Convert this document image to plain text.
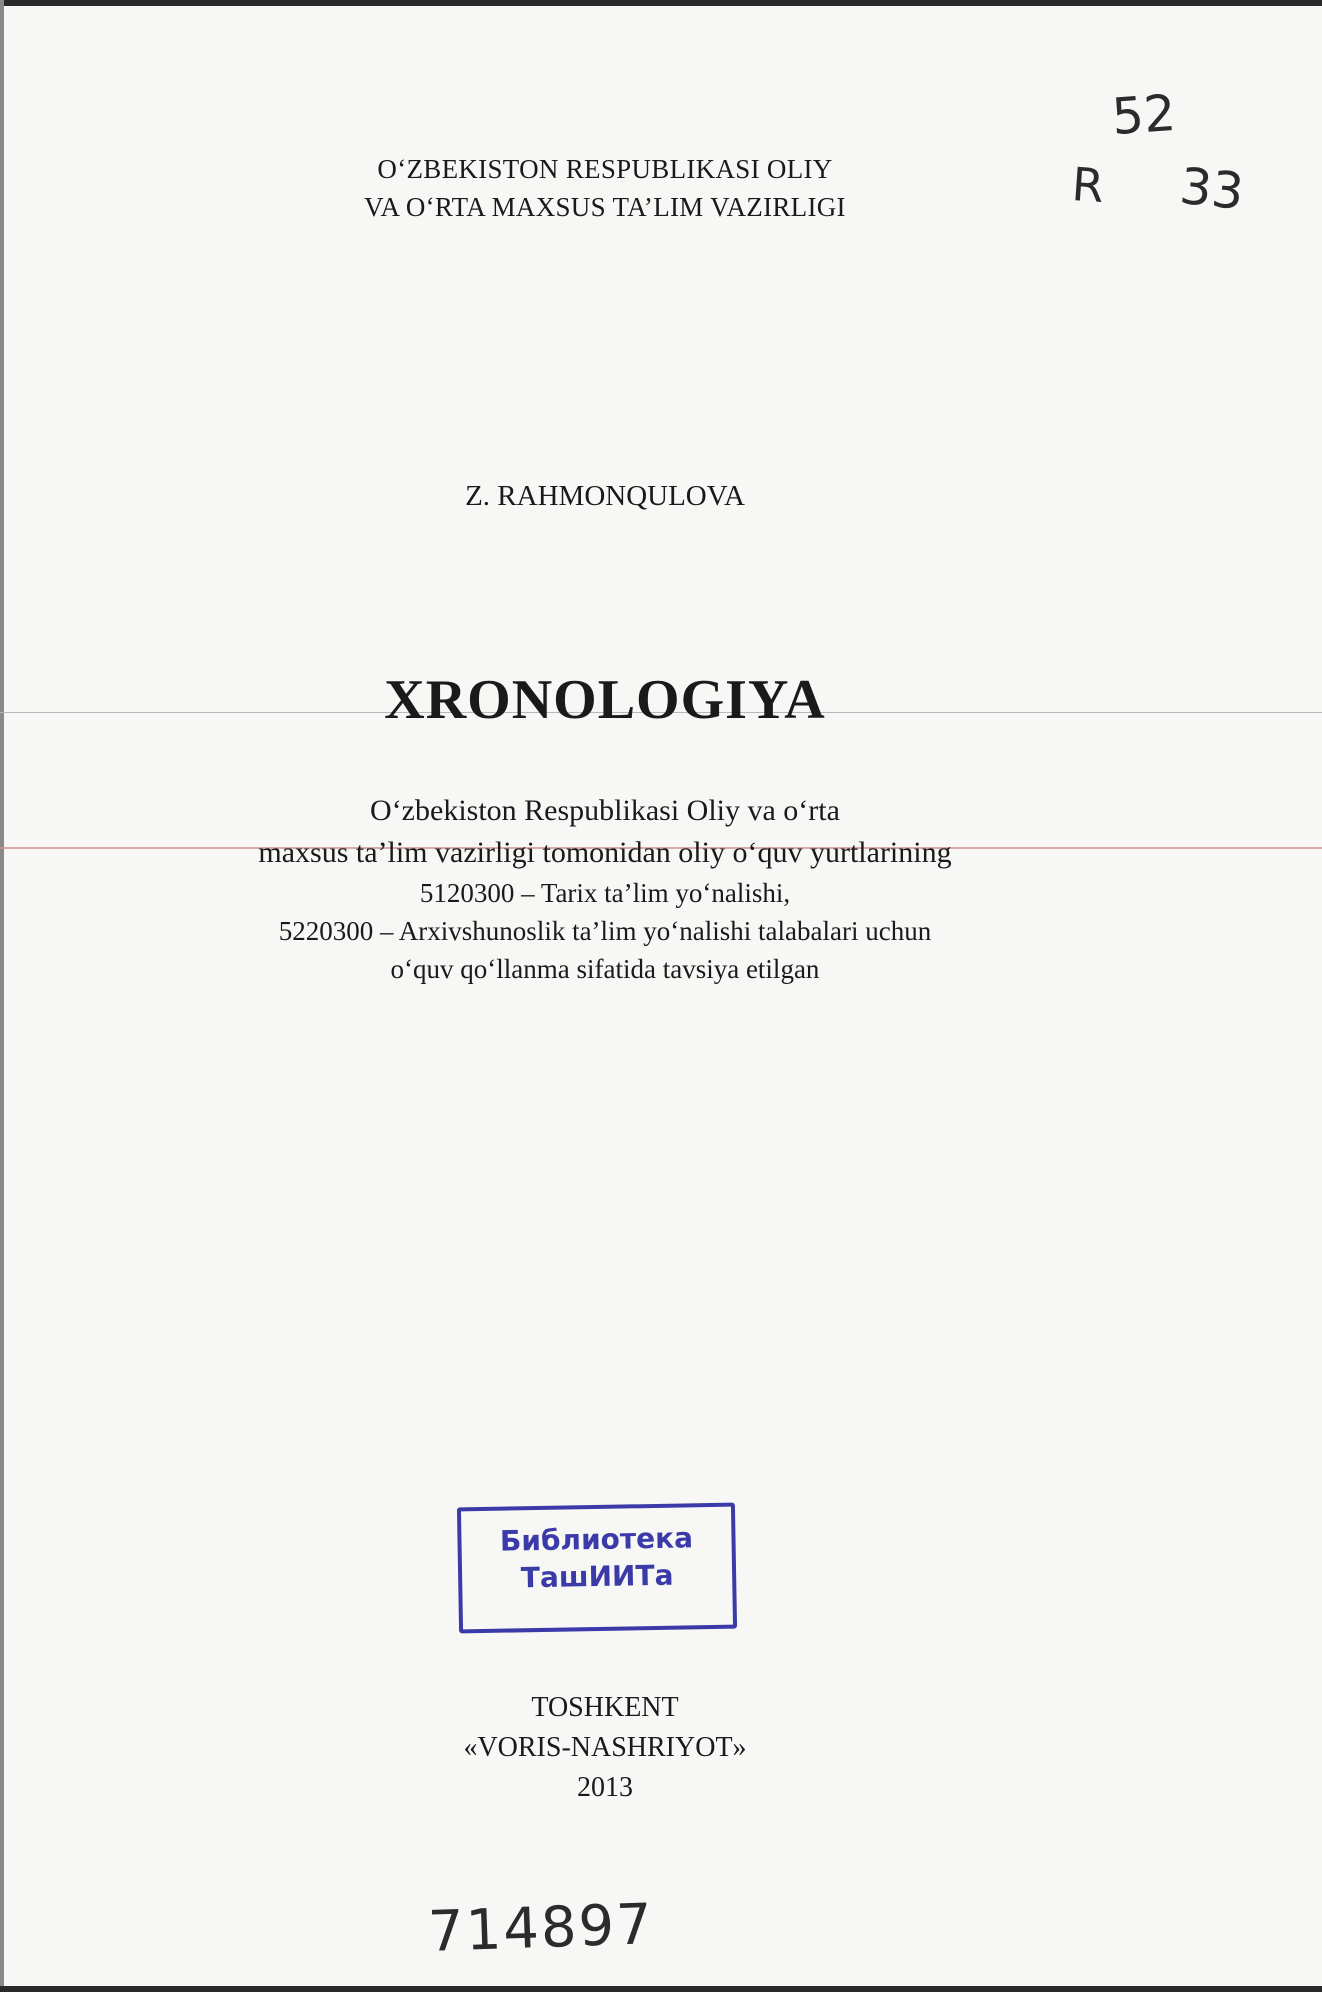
O‘ZBEKISTON RESPUBLIKASI OLIY
VA O‘RTA MAXSUS TA’LIM VAZIRLIGI
52
R 33
Z. RAHMONQULOVA
XRONOLOGIYA
O‘zbekiston Respublikasi Oliy va o‘rta
maxsus ta’lim vazirligi tomonidan oliy o‘quv yurtlarining
5120300 – Tarix ta’lim yo‘nalishi,
5220300 – Arxivshunoslik ta’lim yo‘nalishi talabalari uchun
o‘quv qo‘llanma sifatida tavsiya etilgan
Библиотека
ТашИИТа
TOSHKENT
«VORIS-NASHRIYOT»
2013
714897
